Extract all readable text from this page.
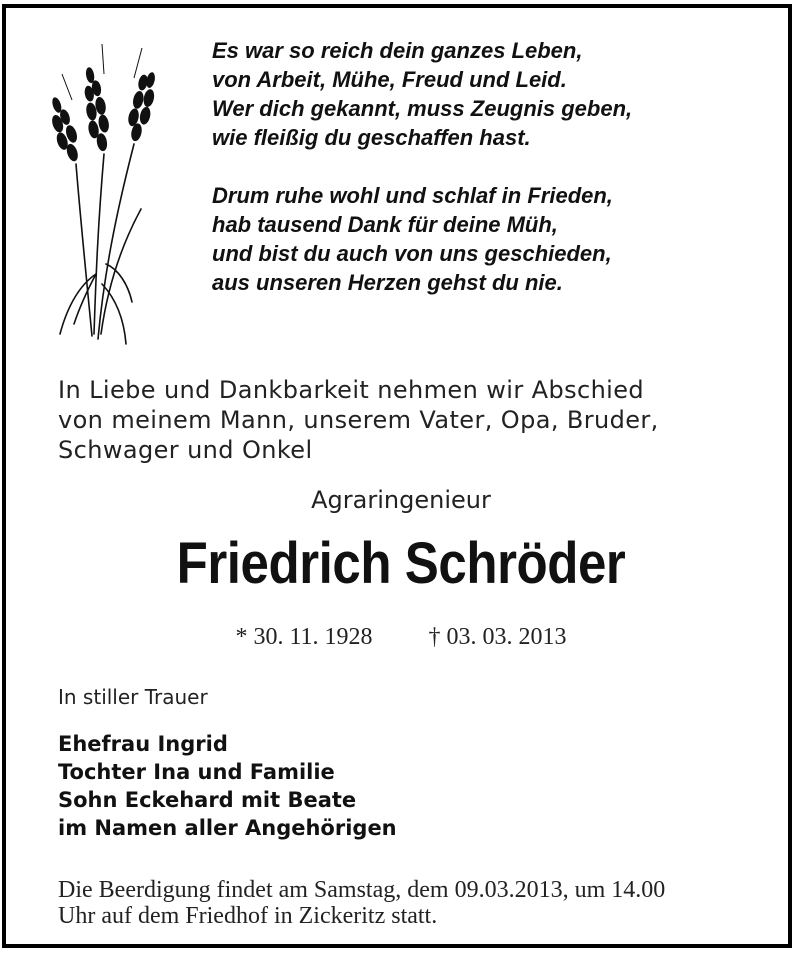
Es war so reich dein ganzes Leben,
von Arbeit, Mühe, Freud und Leid.
Wer dich gekannt, muss Zeugnis geben,
wie fleißig du geschaffen hast.
Drum ruhe wohl und schlaf in Frieden,
hab tausend Dank für deine Müh,
und bist du auch von uns geschieden,
aus unseren Herzen gehst du nie.
In Liebe und Dankbarkeit nehmen wir Abschied
von meinem Mann, unserem Vater, Opa, Bruder,
Schwager und Onkel
Agraringenieur
Friedrich Schröder
* 30. 11. 1928 † 03. 03. 2013
In stiller Trauer
Ehefrau Ingrid
Tochter Ina und Familie
Sohn Eckehard mit Beate
im Namen aller Angehörigen
Die Beerdigung findet am Samstag, dem 09.03.2013, um 14.00
Uhr auf dem Friedhof in Zickeritz statt.
